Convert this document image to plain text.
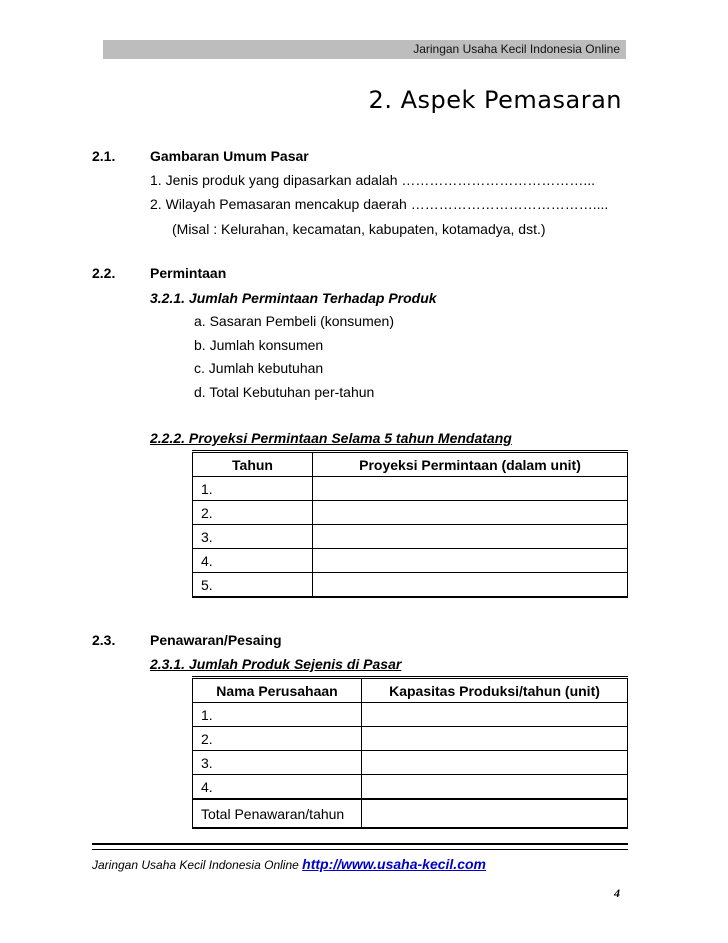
Jaringan Usaha Kecil Indonesia Online
2. Aspek Pemasaran
2.1. Gambaran Umum Pasar
1. Jenis produk yang dipasarkan adalah …………………………………...
2. Wilayah Pemasaran mencakup daerah …………………………………....
(Misal : Kelurahan, kecamatan, kabupaten, kotamadya, dst.)
2.2. Permintaan
3.2.1. Jumlah Permintaan Terhadap Produk
a. Sasaran Pembeli (konsumen)
b. Jumlah konsumen
c. Jumlah kebutuhan
d. Total Kebutuhan per-tahun
2.2.2. Proyeksi Permintaan Selama 5 tahun Mendatang
Tahun	Proyeksi Permintaan (dalam unit)
1.	
2.	
3.	
4.	
5.	
2.3. Penawaran/Pesaing
2.3.1. Jumlah Produk Sejenis di Pasar
Nama Perusahaan	Kapasitas Produksi/tahun (unit)
1.	
2.	
3.	
4.	
Total Penawaran/tahun	
Jaringan Usaha Kecil Indonesia Online http://www.usaha-kecil.com
4
